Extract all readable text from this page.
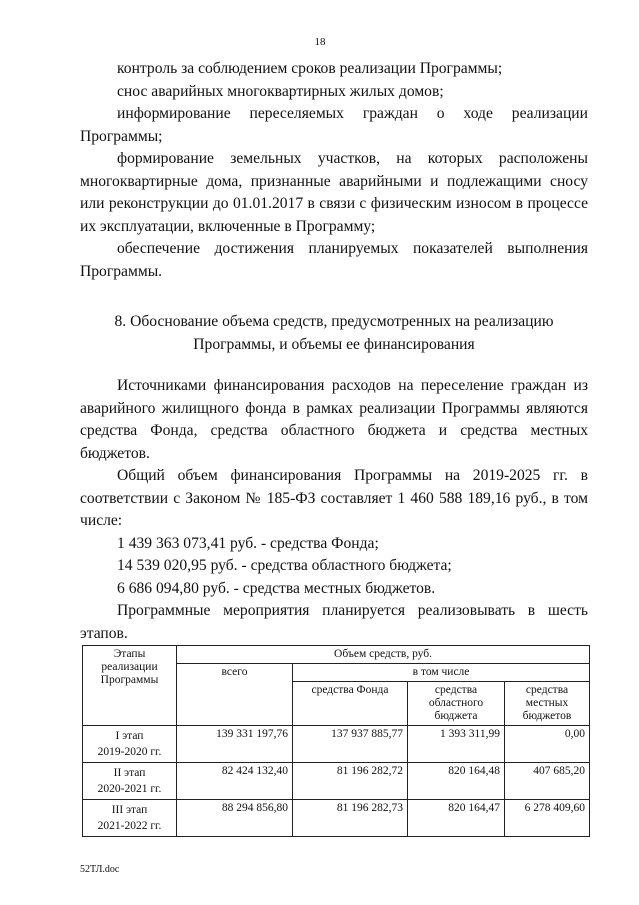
18

контроль за соблюдением сроков реализации Программы;

снос аварийных многоквартирных жилых домов;

информирование переселяемых граждан о ходе реализации Программы;

формирование земельных участков, на которых расположены многоквартирные дома, признанные аварийными и подлежащими сносу или реконструкции до 01.01.2017 в связи с физическим износом в процессе их эксплуатации, включенные в Программу;

обеспечение достижения планируемых показателей выполнения Программы.

8. Обоснование объема средств, предусмотренных на реализацию
Программы, и объемы ее финансирования

Источниками финансирования расходов на переселение граждан из аварийного жилищного фонда в рамках реализации Программы являются средства Фонда, средства областного бюджета и средства местных бюджетов.

Общий объем финансирования Программы на 2019-2025 гг. в соответствии с Законом № 185-ФЗ составляет 1 460 588 189,16 руб., в том числе:

1 439 363 073,41 руб. - средства Фонда;

14 539 020,95 руб. - средства областного бюджета;

6 686 094,80 руб. - средства местных бюджетов.

Программные мероприятия планируется реализовывать в шесть этапов.

Этапы реализации Программы	Объем средств, руб.			
	всего	в том числе		
		средства Фонда	средства областного бюджета	средства местных бюджетов

I этап
2019-2020 гг.	139 331 197,76	137 937 885,77	1 393 311,99	0,00

II этап
2020-2021 гг.	82 424 132,40	81 196 282,72	820 164,48	407 685,20

III этап
2021-2022 гг.	88 294 856,80	81 196 282,73	820 164,47	6 278 409,60
52ТЛ.doc
